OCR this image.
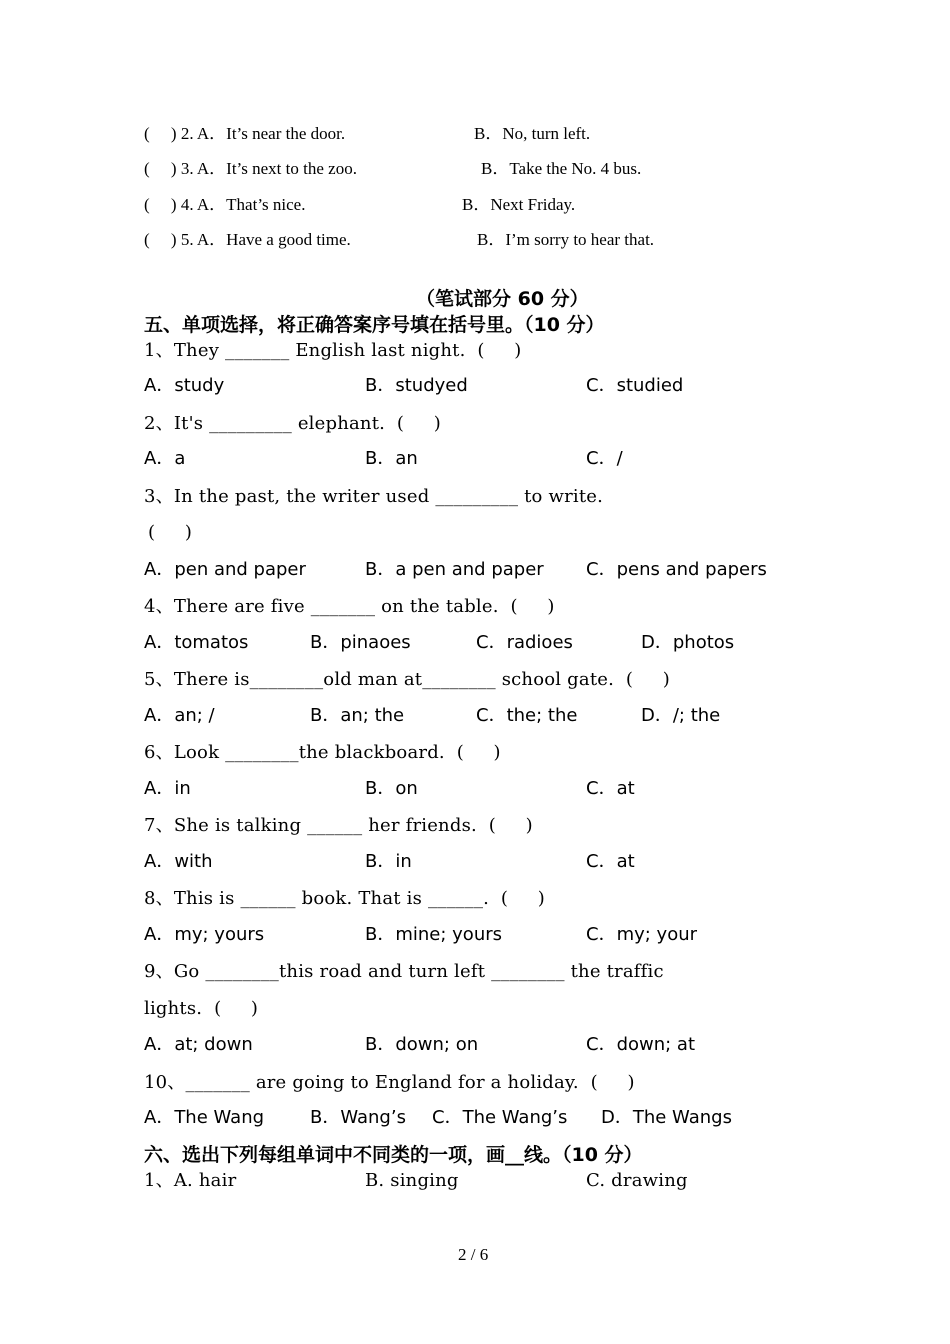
(     ) 2. A．It’s near the door.	B．No, turn left.
(     ) 3. A．It’s next to the zoo.	B．Take the No. 4 bus.
(     ) 4. A．That’s nice.	B．Next Friday.
(     ) 5. A．Have a good time.	B．I’m sorry to hear that.
（笔试部分 60 分）
五、单项选择，将正确答案序号填在括号里。（10 分）
1、They _______ English last night.  (     )
A．study	B．studyed	C．studied
2、It's _________ elephant.  (     )
A．a	B．an	C．/
3、In the past, the writer used _________ to write.
(     )
A．pen and paper	B．a pen and paper C．pens and papers
4、There are five _______ on the table.  (     )
A．tomatos	B．pinaoes	C．radioes	D．photos
5、There is________old man at________ school gate.  (     )
A．an; /	B．an; the	C．the; the	D．/; the
6、Look ________the blackboard.  (     )
A．in	B．on	C．at
7、She is talking ______ her friends.  (     )
A．with	B．in	C．at
8、This is ______ book. That is ______.  (     )
A．my; yours	B．mine; yours	C．my; your
9、Go ________this road and turn left ________ the traffic
lights.  (     )
A．at; down	B．down; on	C．down; at
10、_______ are going to England for a holiday.  (     )
A．The Wang	B．Wang’s C．The Wang’s D．The Wangs
六、选出下列每组单词中不同类的一项，画__线。（10 分）
1、A. hair	B. singing	C. drawing
2 / 6
